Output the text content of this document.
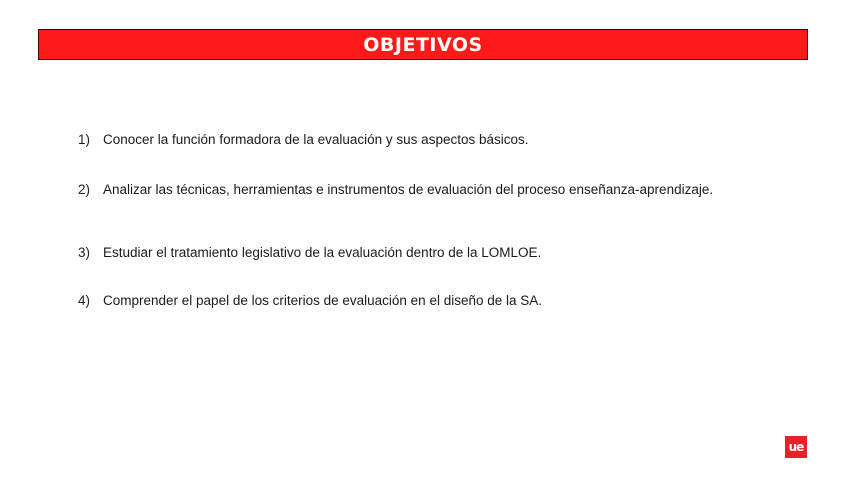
OBJETIVOS
1) Conocer la función formadora de la evaluación y sus aspectos básicos.
2) Analizar las técnicas, herramientas e instrumentos de evaluación del proceso enseñanza-aprendizaje.
3) Estudiar el tratamiento legislativo de la evaluación dentro de la LOMLOE.
4) Comprender el papel de los criterios de evaluación en el diseño de la SA.
ue
